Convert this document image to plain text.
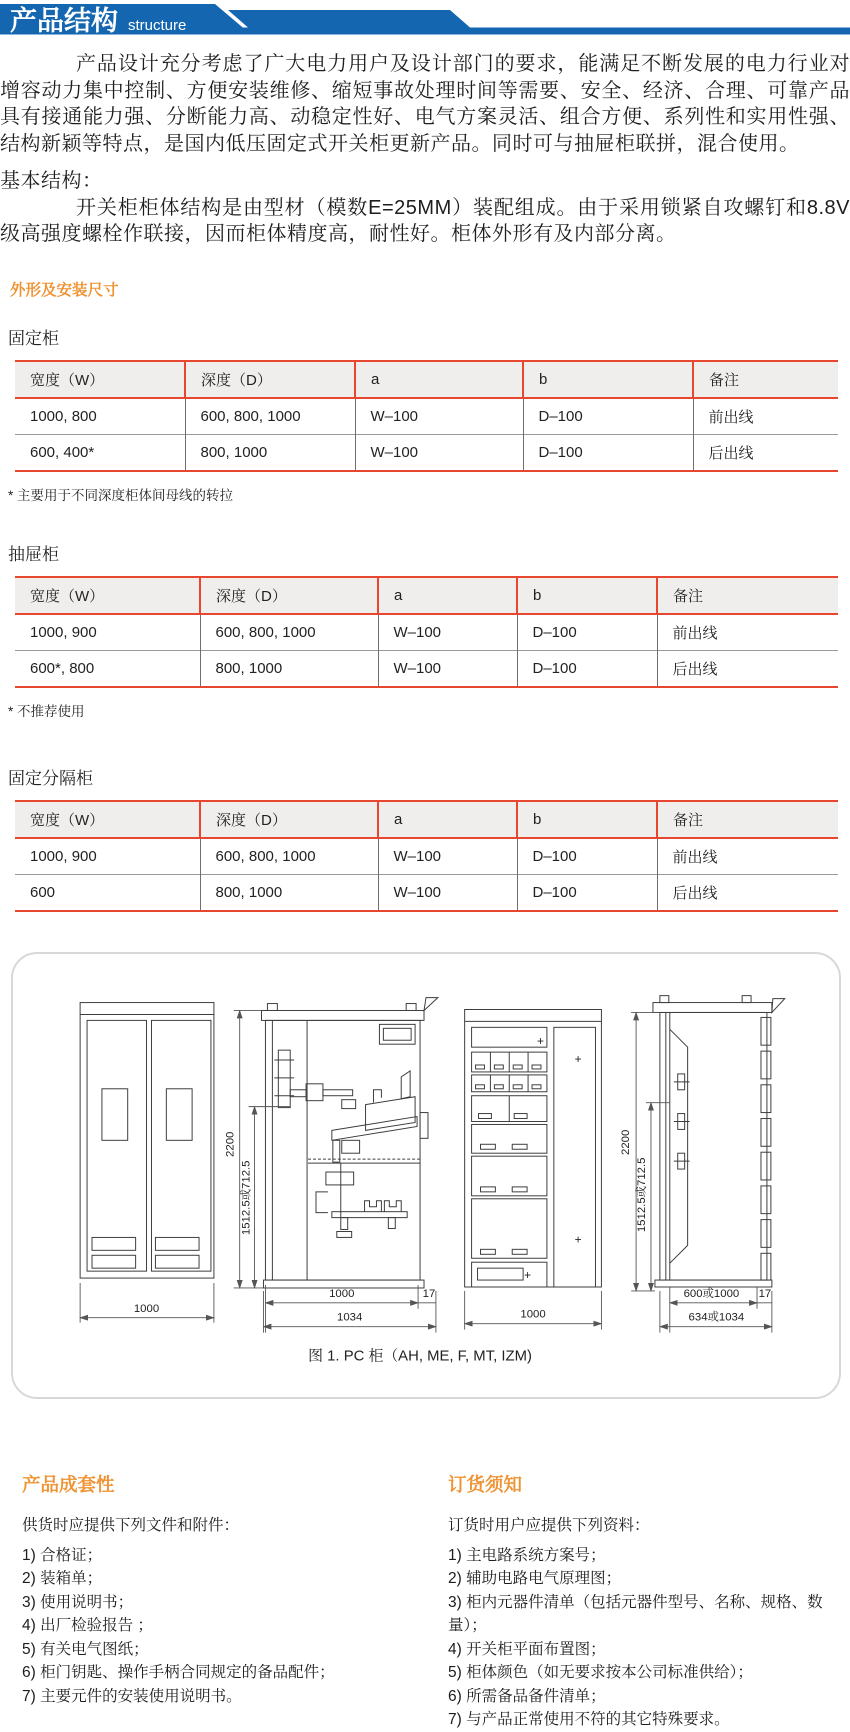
产品结构 structure

产品设计充分考虑了广大电力用户及设计部门的要求，能满足不断发展的电力行业对增容动力集中控制、方便安装维修、缩短事故处理时间等需要、安全、经济、合理、可靠产品具有接通能力强、分断能力高、动稳定性好、电气方案灵活、组合方便、系列性和实用性强、结构新颖等特点，是国内低压固定式开关柜更新产品。同时可与抽屉柜联拼，混合使用。

基本结构：

开关柜柜体结构是由型材（模数E=25MM）装配组成。由于采用锁紧自攻螺钉和8.8V级高强度螺栓作联接，因而柜体精度高，耐性好。柜体外形有及内部分离。

外形及安装尺寸
固定柜
宽度（W）	深度（D）	a	b	备注
1000, 800	600, 800, 1000	W–100	D–100	前出线
600, 400*	800, 1000	W–100	D–100	后出线
* 主要用于不同深度柜体间母线的转拉
抽屉柜
宽度（W）	深度（D）	a	b	备注
1000, 900	600, 800, 1000	W–100	D–100	前出线
600*, 800	800, 1000	W–100	D–100	后出线
* 不推荐使用
固定分隔柜
宽度（W）	深度（D）	a	b	备注
1000, 900	600, 800, 1000	W–100	D–100	前出线
600	800, 1000	W–100	D–100	后出线
+
+
+
+
1000
2200
1512.5或712.5
1000	17
1034	1000
2200
1512.5或712.5
600或1000 17
634或1034
图 1. PC 柜（AH, ME, F, MT, IZM)
产品成套性

供货时应提供下列文件和附件：

1) 合格证；
2) 装箱单；
3) 使用说明书；
4) 出厂检验报告 ；
5) 有关电气图纸；
6) 柜门钥匙、操作手柄合同规定的备品配件；
7) 主要元件的安装使用说明书。
订货须知

订货时用户应提供下列资料：

1) 主电路系统方案号；
2) 辅助电路电气原理图；
3) 柜内元器件清单（包括元器件型号、名称、规格、数量）；
4) 开关柜平面布置图；
5) 柜体颜色（如无要求按本公司标准供给）；
6) 所需备品备件清单；
7) 与产品正常使用不符的其它特殊要求。
